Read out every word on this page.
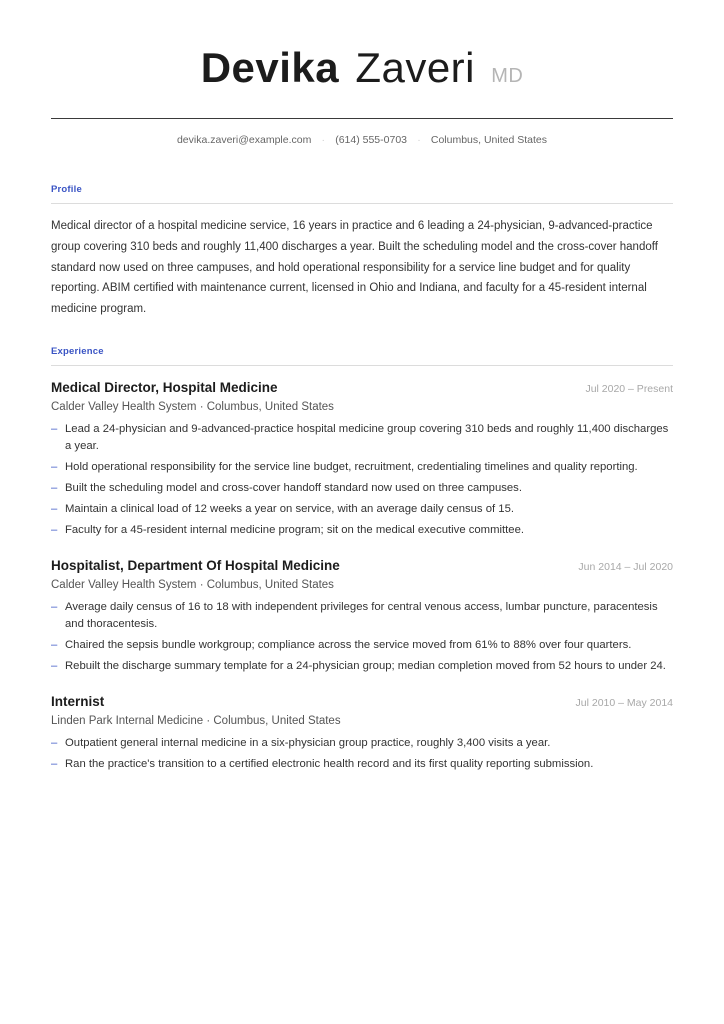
Devika Zaveri MD
devika.zaveri@example.com · (614) 555-0703 · Columbus, United States
Profile
Medical director of a hospital medicine service, 16 years in practice and 6 leading a 24-physician, 9-advanced-practice group covering 310 beds and roughly 11,400 discharges a year. Built the scheduling model and the cross-cover handoff standard now used on three campuses, and hold operational responsibility for a service line budget and for quality reporting. ABIM certified with maintenance current, licensed in Ohio and Indiana, and faculty for a 45-resident internal medicine program.
Experience
Medical Director, Hospital Medicine	Jul 2020 – Present
Calder Valley Health System · Columbus, United States
– Lead a 24-physician and 9-advanced-practice hospital medicine group covering 310 beds and roughly 11,400 discharges a year.
– Hold operational responsibility for the service line budget, recruitment, credentialing timelines and quality reporting.
– Built the scheduling model and cross-cover handoff standard now used on three campuses.
– Maintain a clinical load of 12 weeks a year on service, with an average daily census of 15.
– Faculty for a 45-resident internal medicine program; sit on the medical executive committee.
Hospitalist, Department Of Hospital Medicine	Jun 2014 – Jul 2020
Calder Valley Health System · Columbus, United States
– Average daily census of 16 to 18 with independent privileges for central venous access, lumbar puncture, paracentesis and thoracentesis.
– Chaired the sepsis bundle workgroup; compliance across the service moved from 61% to 88% over four quarters.
– Rebuilt the discharge summary template for a 24-physician group; median completion moved from 52 hours to under 24.
Internist	Jul 2010 – May 2014
Linden Park Internal Medicine · Columbus, United States
– Outpatient general internal medicine in a six-physician group practice, roughly 3,400 visits a year.
– Ran the practice's transition to a certified electronic health record and its first quality reporting submission.
